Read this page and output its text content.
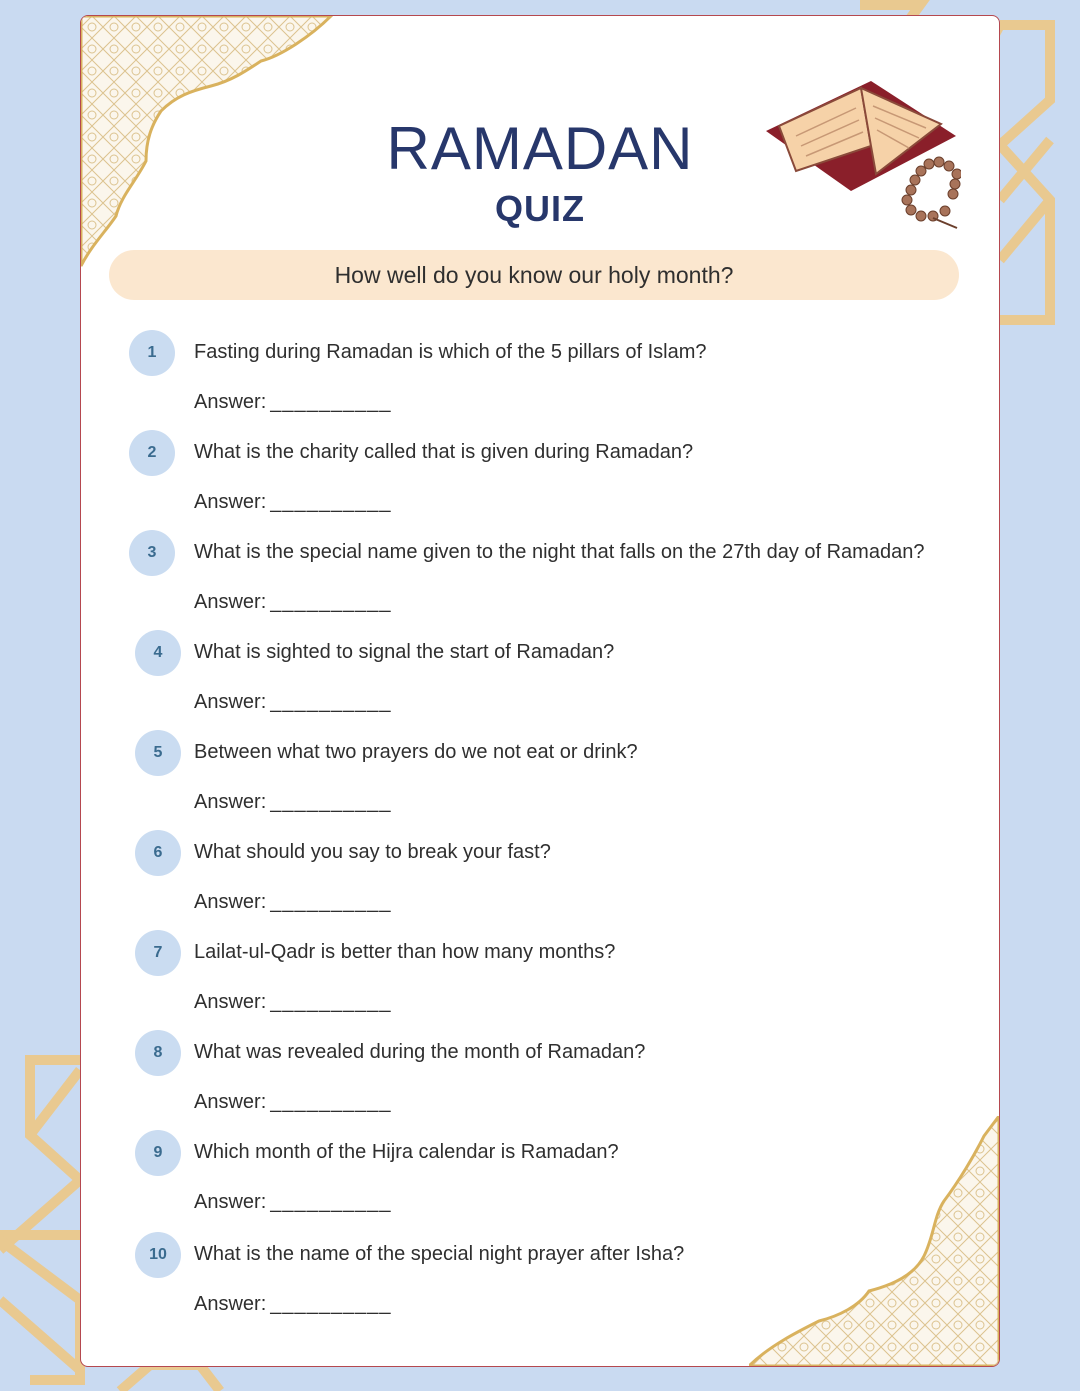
RAMADAN
QUIZ
How well do you know our holy month?
1	Fasting during Ramadan is which of the 5 pillars of Islam?
Answer: __________
2	What is the charity called that is given during Ramadan?
Answer: __________
3	What is the special name given to the night that falls on the 27th day of Ramadan?
Answer: __________
4	What is sighted to signal the start of Ramadan?
Answer: __________
5	Between what two prayers do we not eat or drink?
Answer: __________
6	What should you say to break your fast?
Answer: __________
7	Lailat-ul-Qadr is better than how many months?
Answer: __________
8	What was revealed during the month of Ramadan?
Answer: __________
9	Which month of the Hijra calendar is Ramadan?
Answer: __________
10	What is the name of the special night prayer after Isha?
Answer: __________
